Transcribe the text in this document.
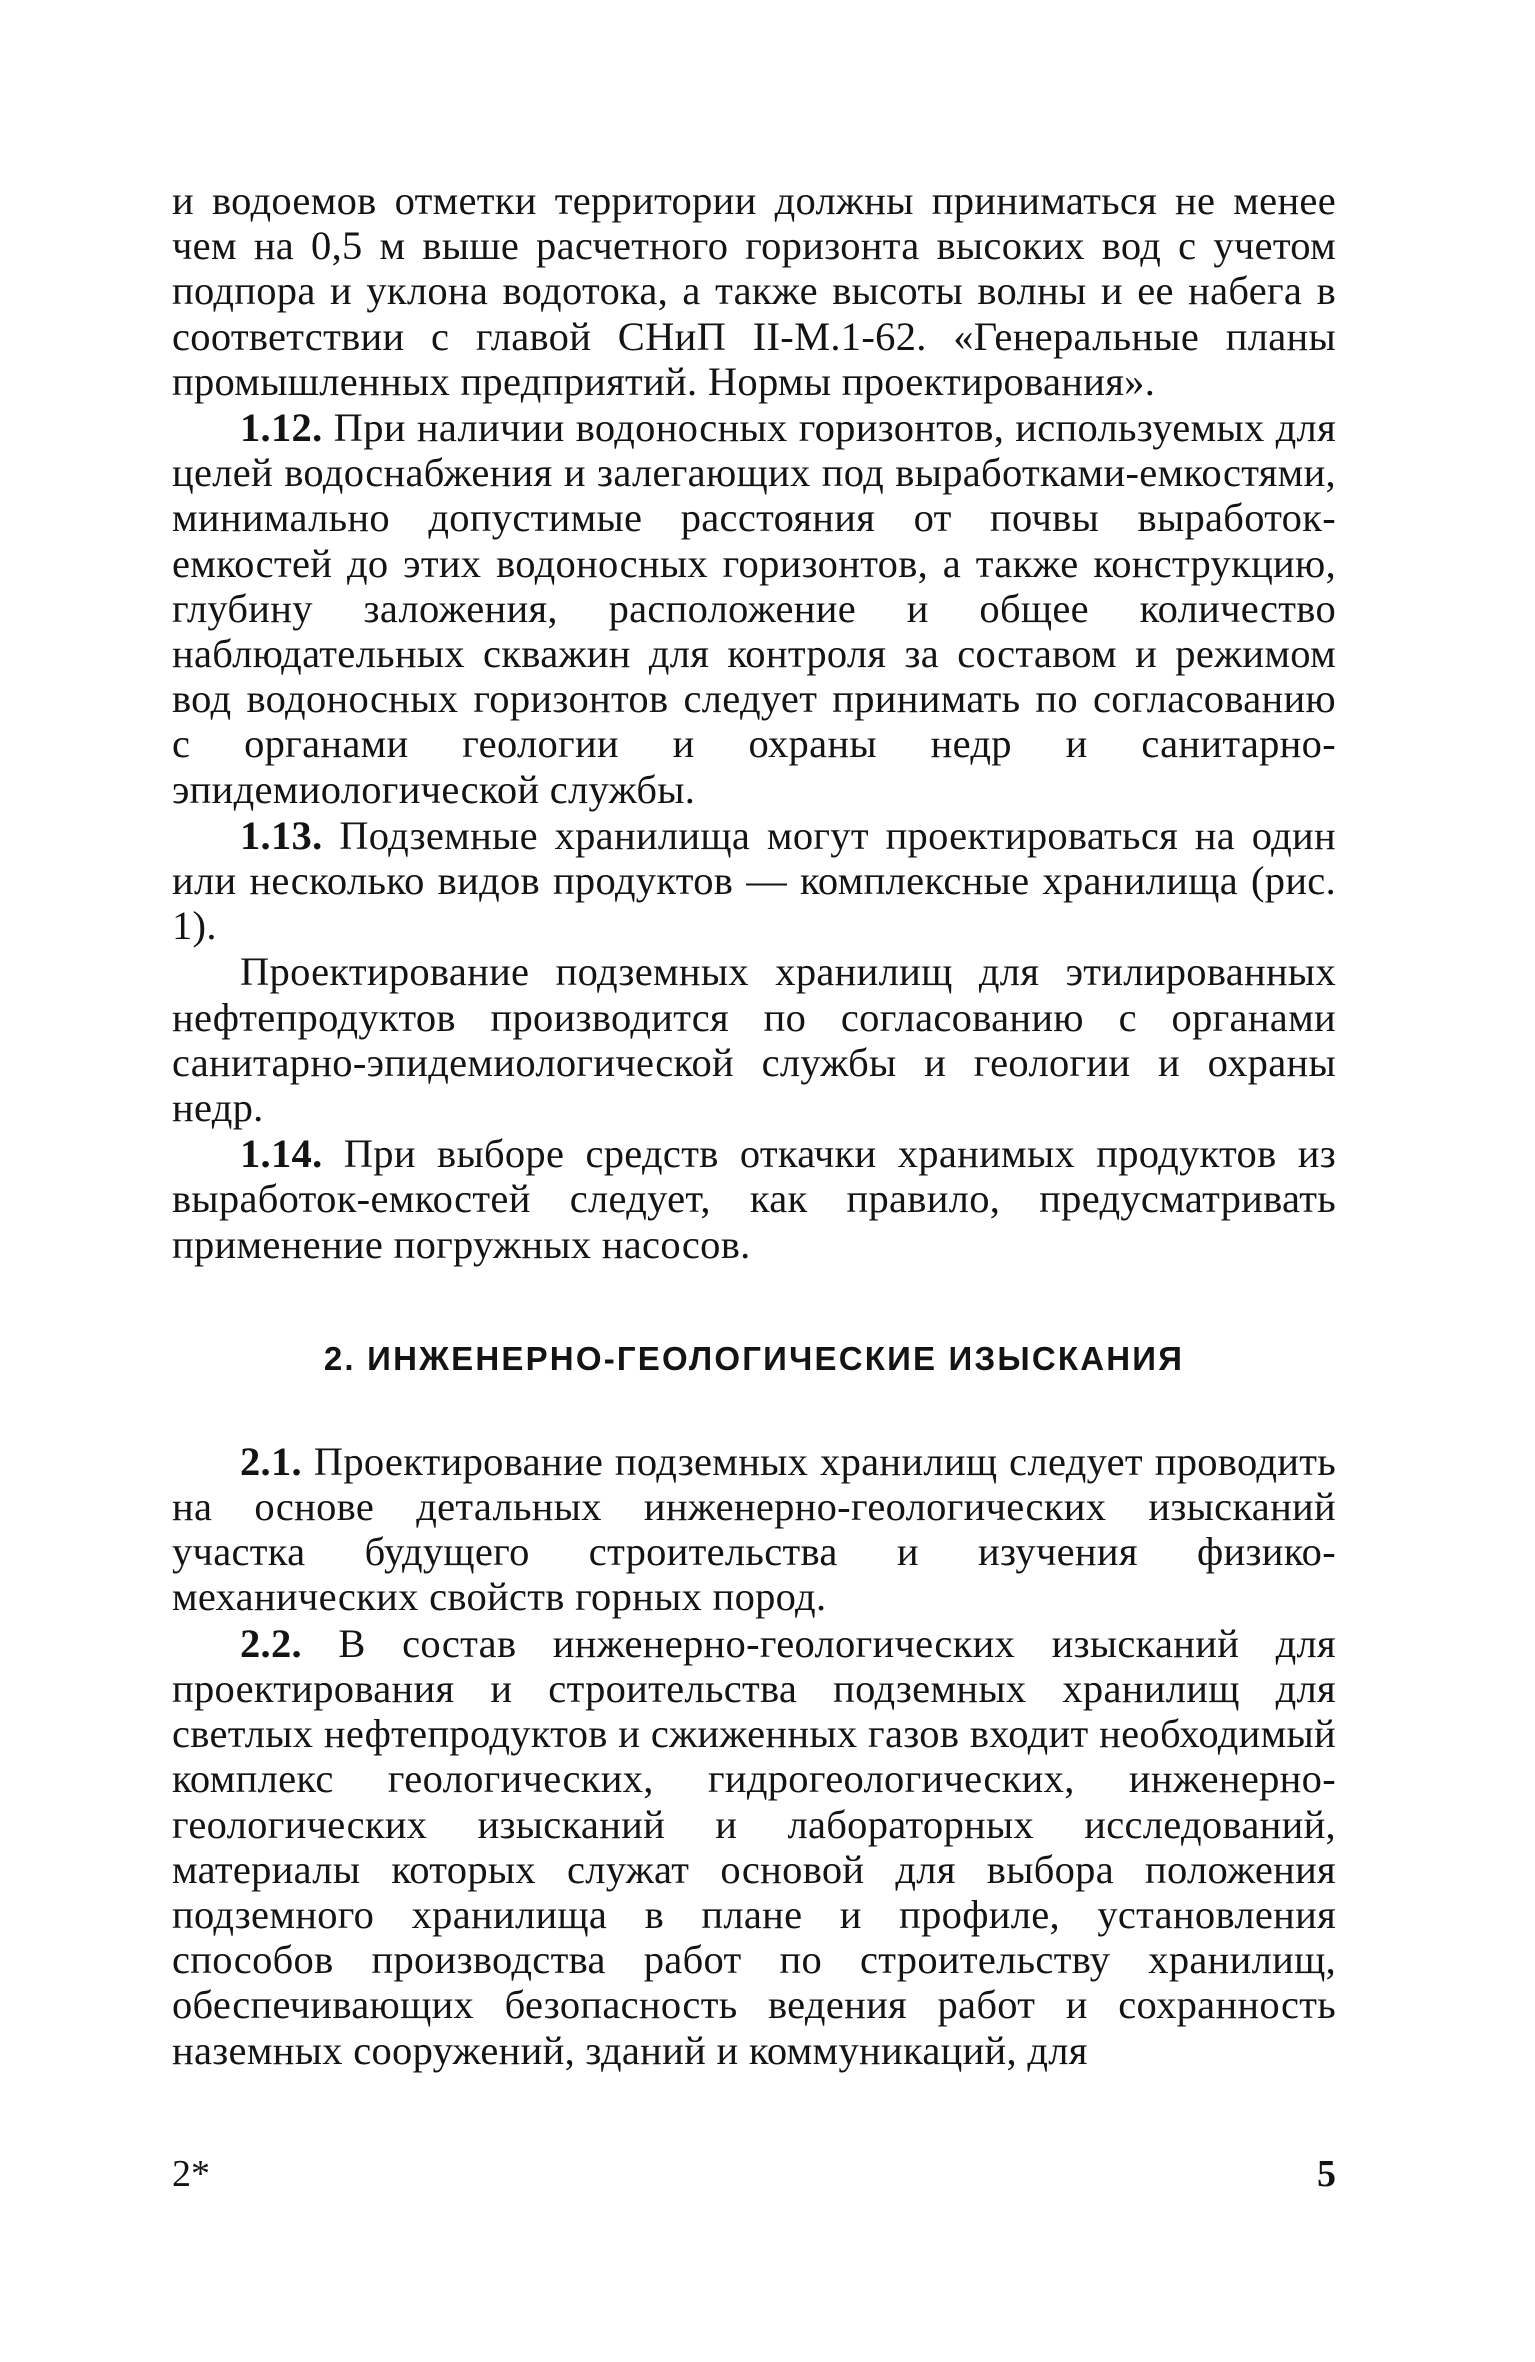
и водоемов отметки территории должны приниматься не менее чем на 0,5 м выше расчетного горизонта высоких вод с учетом подпора и уклона водотока, а также высоты волны и ее набега в соответствии с главой СНиП II-М.1-62. «Генеральные планы промышленных предприятий. Нормы проектирования».

1.12. При наличии водоносных горизонтов, используемых для целей водоснабжения и залегающих под выработками-емкостями, минимально допустимые расстояния от почвы выработок-емкостей до этих водоносных горизонтов, а также конструкцию, глубину заложения, расположение и общее количество наблюдательных скважин для контроля за составом и режимом вод водоносных горизонтов следует принимать по согласованию с органами геологии и охраны недр и санитарно-эпидемиологической службы.

1.13. Подземные хранилища могут проектироваться на один или несколько видов продуктов — комплексные хранилища (рис. 1).

Проектирование подземных хранилищ для этилированных нефтепродуктов производится по согласованию с органами санитарно-эпидемиологической службы и геологии и охраны недр.

1.14. При выборе средств откачки хранимых продуктов из выработок-емкостей следует, как правило, предусматривать применение погружных насосов.

2. ИНЖЕНЕРНО-ГЕОЛОГИЧЕСКИЕ ИЗЫСКАНИЯ

2.1. Проектирование подземных хранилищ следует проводить на основе детальных инженерно-геологических изысканий участка будущего строительства и изучения физико-механических свойств горных пород.

2.2. В состав инженерно-геологических изысканий для проектирования и строительства подземных хранилищ для светлых нефтепродуктов и сжиженных газов входит необходимый комплекс геологических, гидрогеологических, инженерно-геологических изысканий и лабораторных исследований, материалы которых служат основой для выбора положения подземного хранилища в плане и профиле, установления способов производства работ по строительству хранилищ, обеспечивающих безопасность ведения работ и сохранность наземных сооружений, зданий и коммуникаций, для

2*	5
